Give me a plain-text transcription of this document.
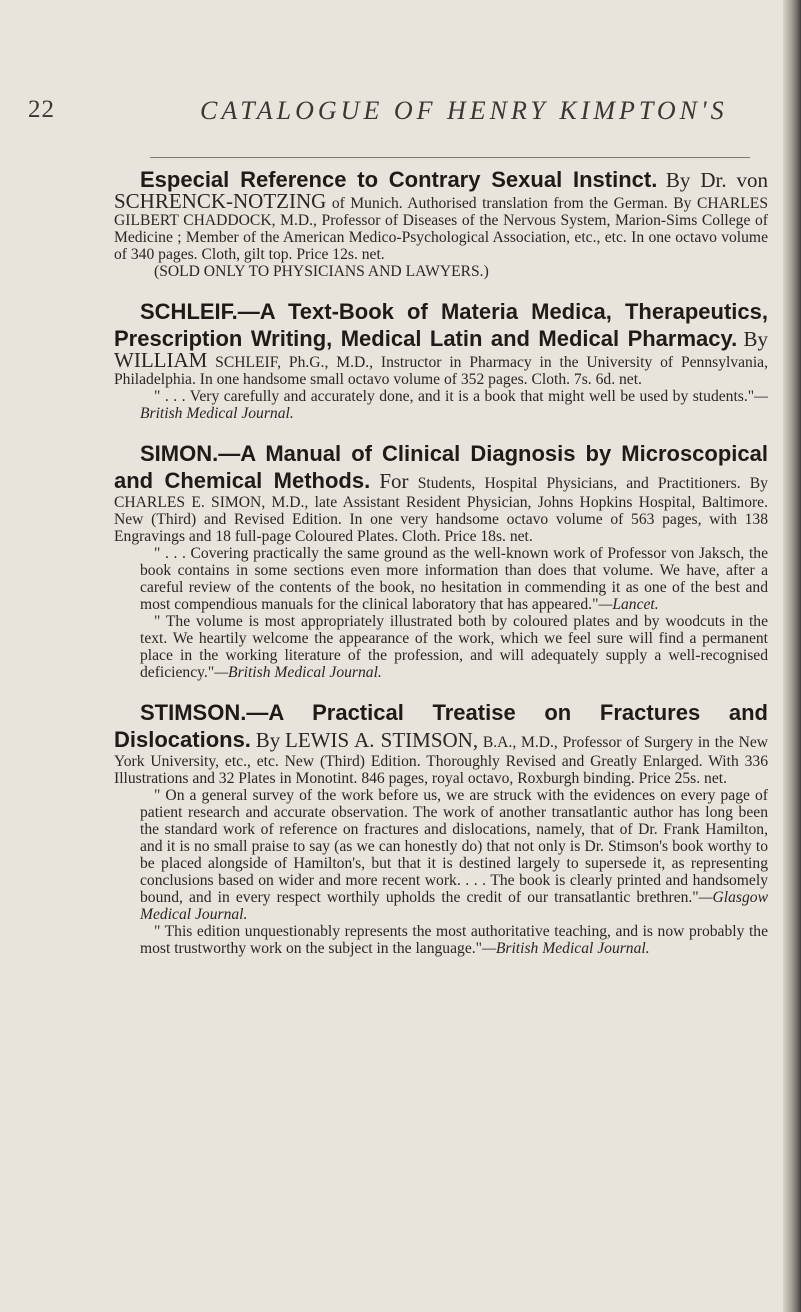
22	CATALOGUE OF HENRY KIMPTON'S

Especial Reference to Contrary Sexual Instinct. By Dr. von SCHRENCK-NOTZING of Munich. Authorised translation from the German. By CHARLES GILBERT CHADDOCK, M.D., Professor of Diseases of the Nervous System, Marion-Sims College of Medicine ; Member of the American Medico-Psychological Association, etc., etc. In one octavo volume of 340 pages. Cloth, gilt top. Price 12s. net.

(SOLD ONLY TO PHYSICIANS AND LAWYERS.)

SCHLEIF.—A Text-Book of Materia Medica, Therapeutics, Prescription Writing, Medical Latin and Medical Pharmacy. By WILLIAM SCHLEIF, Ph.G., M.D., Instructor in Pharmacy in the University of Pennsylvania, Philadelphia. In one handsome small octavo volume of 352 pages. Cloth. 7s. 6d. net.

" . . . Very carefully and accurately done, and it is a book that might well be used by students."—British Medical Journal.

SIMON.—A Manual of Clinical Diagnosis by Microscopical and Chemical Methods. For Students, Hospital Physicians, and Practitioners. By CHARLES E. SIMON, M.D., late Assistant Resident Physician, Johns Hopkins Hospital, Baltimore. New (Third) and Revised Edition. In one very handsome octavo volume of 563 pages, with 138 Engravings and 18 full-page Coloured Plates. Cloth. Price 18s. net.

" . . . Covering practically the same ground as the well-known work of Professor von Jaksch, the book contains in some sections even more information than does that volume. We have, after a careful review of the contents of the book, no hesitation in commending it as one of the best and most compendious manuals for the clinical laboratory that has appeared."—Lancet.

" The volume is most appropriately illustrated both by coloured plates and by woodcuts in the text. We heartily welcome the appearance of the work, which we feel sure will find a permanent place in the working literature of the profession, and will adequately supply a well-recognised deficiency."—British Medical Journal.

STIMSON.—A Practical Treatise on Fractures and Dislocations. By LEWIS A. STIMSON, B.A., M.D., Professor of Surgery in the New York University, etc., etc. New (Third) Edition. Thoroughly Revised and Greatly Enlarged. With 336 Illustrations and 32 Plates in Monotint. 846 pages, royal octavo, Roxburgh binding. Price 25s. net.

" On a general survey of the work before us, we are struck with the evidences on every page of patient research and accurate observation. The work of another transatlantic author has long been the standard work of reference on fractures and dislocations, namely, that of Dr. Frank Hamilton, and it is no small praise to say (as we can honestly do) that not only is Dr. Stimson's book worthy to be placed alongside of Hamilton's, but that it is destined largely to supersede it, as representing conclusions based on wider and more recent work. . . . The book is clearly printed and handsomely bound, and in every respect worthily upholds the credit of our transatlantic brethren."—Glasgow Medical Journal.

" This edition unquestionably represents the most authoritative teaching, and is now probably the most trustworthy work on the subject in the language."—British Medical Journal.
